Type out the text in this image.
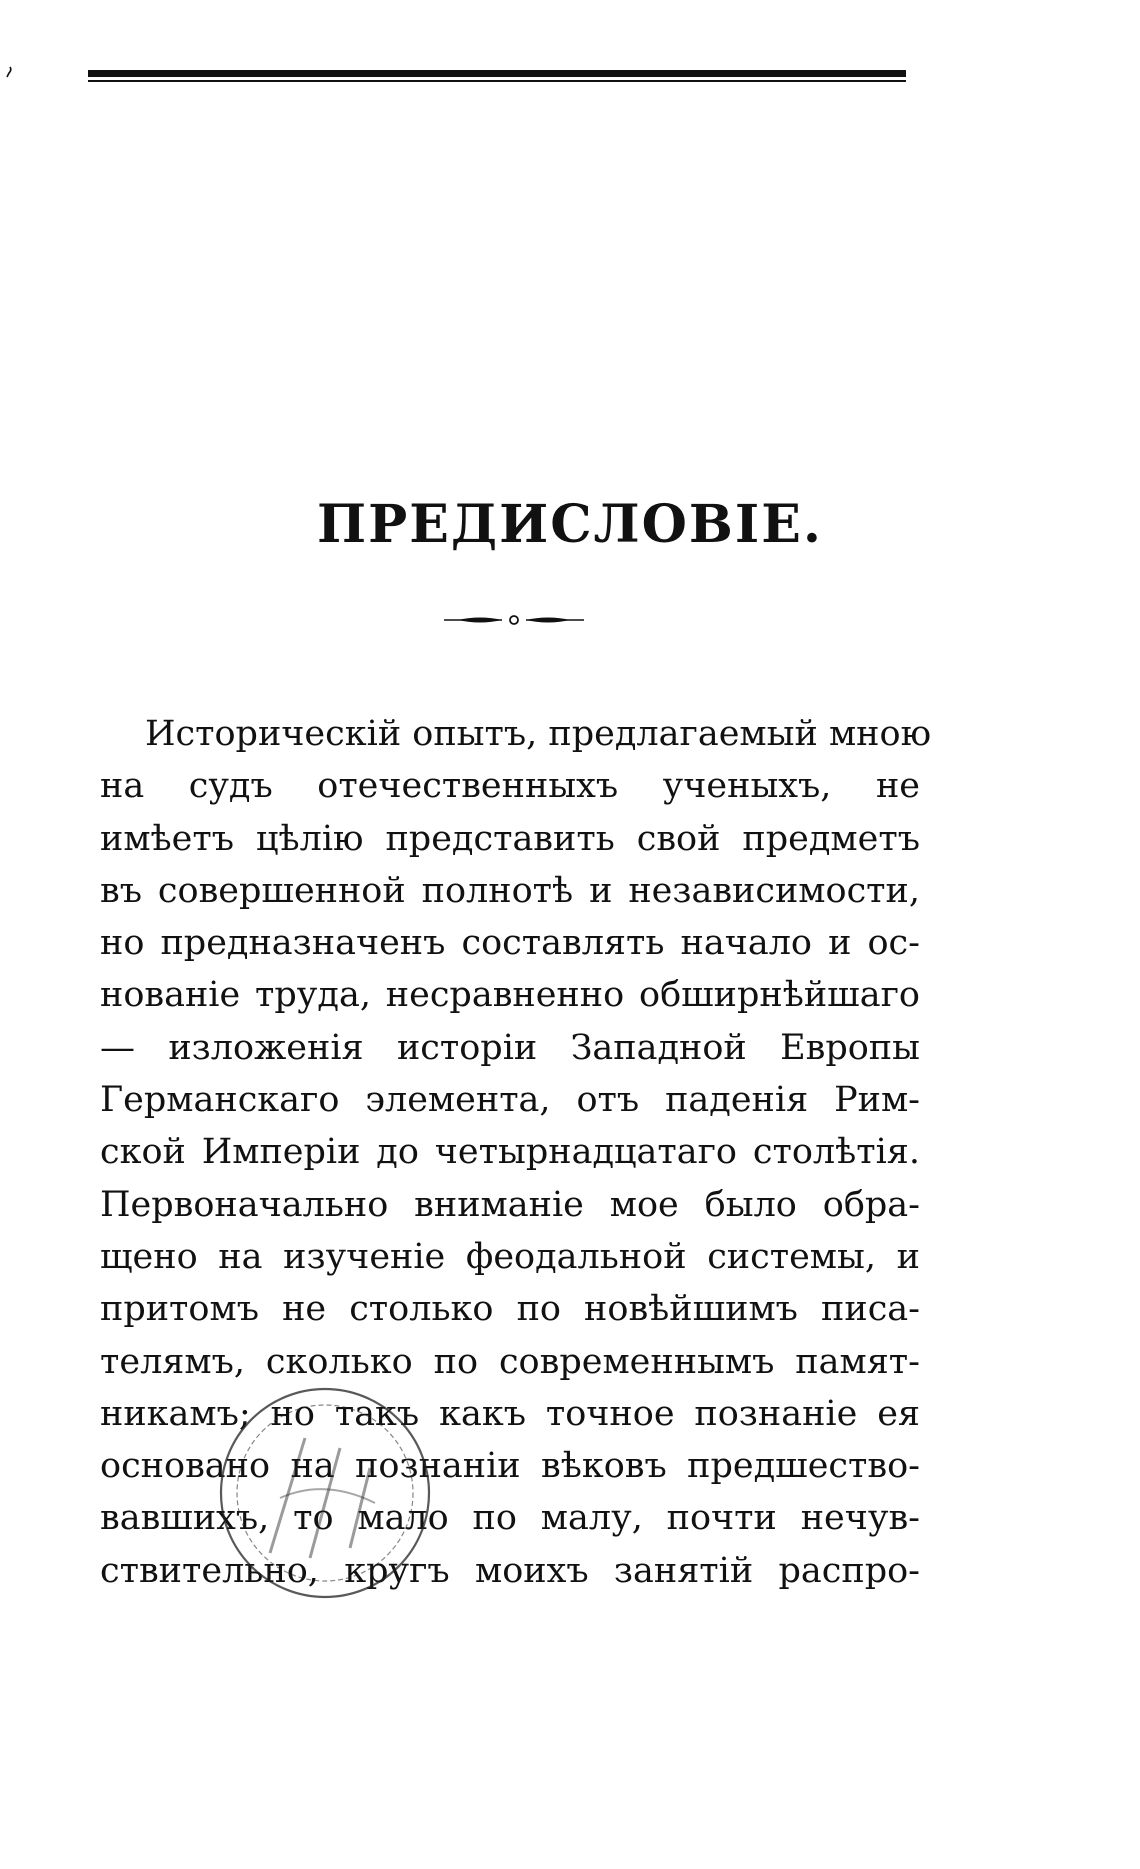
ПРЕДИСЛОВІЕ.
Историческій опытъ, предлагаемый мною
на судъ отечественныхъ ученыхъ, не
имѣетъ цѣлію представить свой предметъ
въ совершенной полнотѣ и независимости,
но предназначенъ составлять начало и ос-
нованіе труда, несравненно обширнѣйшаго
— изложенія исторіи Западной Европы
Германскаго элемента, отъ паденія Рим-
ской Имперіи до четырнадцатаго столѣтія.
Первоначально вниманіе мое было обра-
щено на изученіе феодальной системы, и
притомъ не столько по новѣйшимъ писа-
телямъ, сколько по современнымъ памят-
никамъ; но такъ какъ точное познаніе ея
основано на познаніи вѣковъ предшество-
вавшихъ, то мало по малу, почти нечув-
ствительно, кругъ моихъ занятій распро-
